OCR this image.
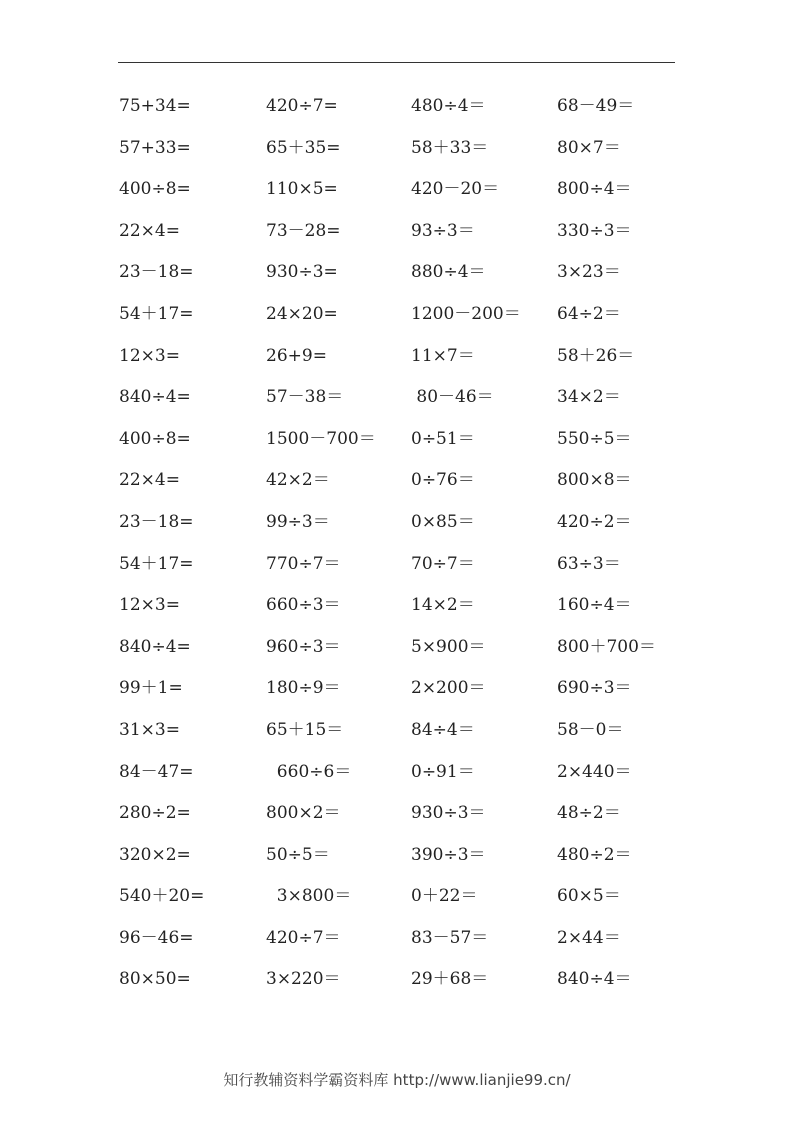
75+34=	420÷7=	480÷4＝	68－49＝
57+33=	65＋35=	58＋33＝	80×7＝
400÷8=	110×5=	420－20＝	800÷4＝
22×4=	73－28=	93÷3＝	330÷3＝
23－18=	930÷3=	880÷4＝	3×23＝
54＋17=	24×20=	1200－200＝ 64÷2＝
12×3=	26+9=	11×7＝	58＋26＝
840÷4=	57－38＝	80－46＝	34×2＝
400÷8=	1500－700＝ 0÷51＝	550÷5＝
22×4=	42×2＝	0÷76＝	800×8＝
23－18=	99÷3＝	0×85＝	420÷2＝
54＋17=	770÷7＝	70÷7＝	63÷3＝
12×3=	660÷3＝	14×2＝	160÷4＝
840÷4=	960÷3＝	5×900＝	800＋700＝
99＋1=	180÷9＝	2×200＝	690÷3＝
31×3=	65＋15＝	84÷4＝	58－0＝
84－47=	660÷6＝	0÷91＝	2×440＝
280÷2=	800×2＝	930÷3＝	48÷2＝
320×2=	50÷5＝	390÷3＝	480÷2＝
540＋20=	3×800＝	0＋22＝	60×5＝
96－46=	420÷7＝	83－57＝	2×44＝
80×50=	3×220＝	29＋68＝	840÷4＝
知行教辅资料学霸资料库 http://www.lianjie99.cn/
